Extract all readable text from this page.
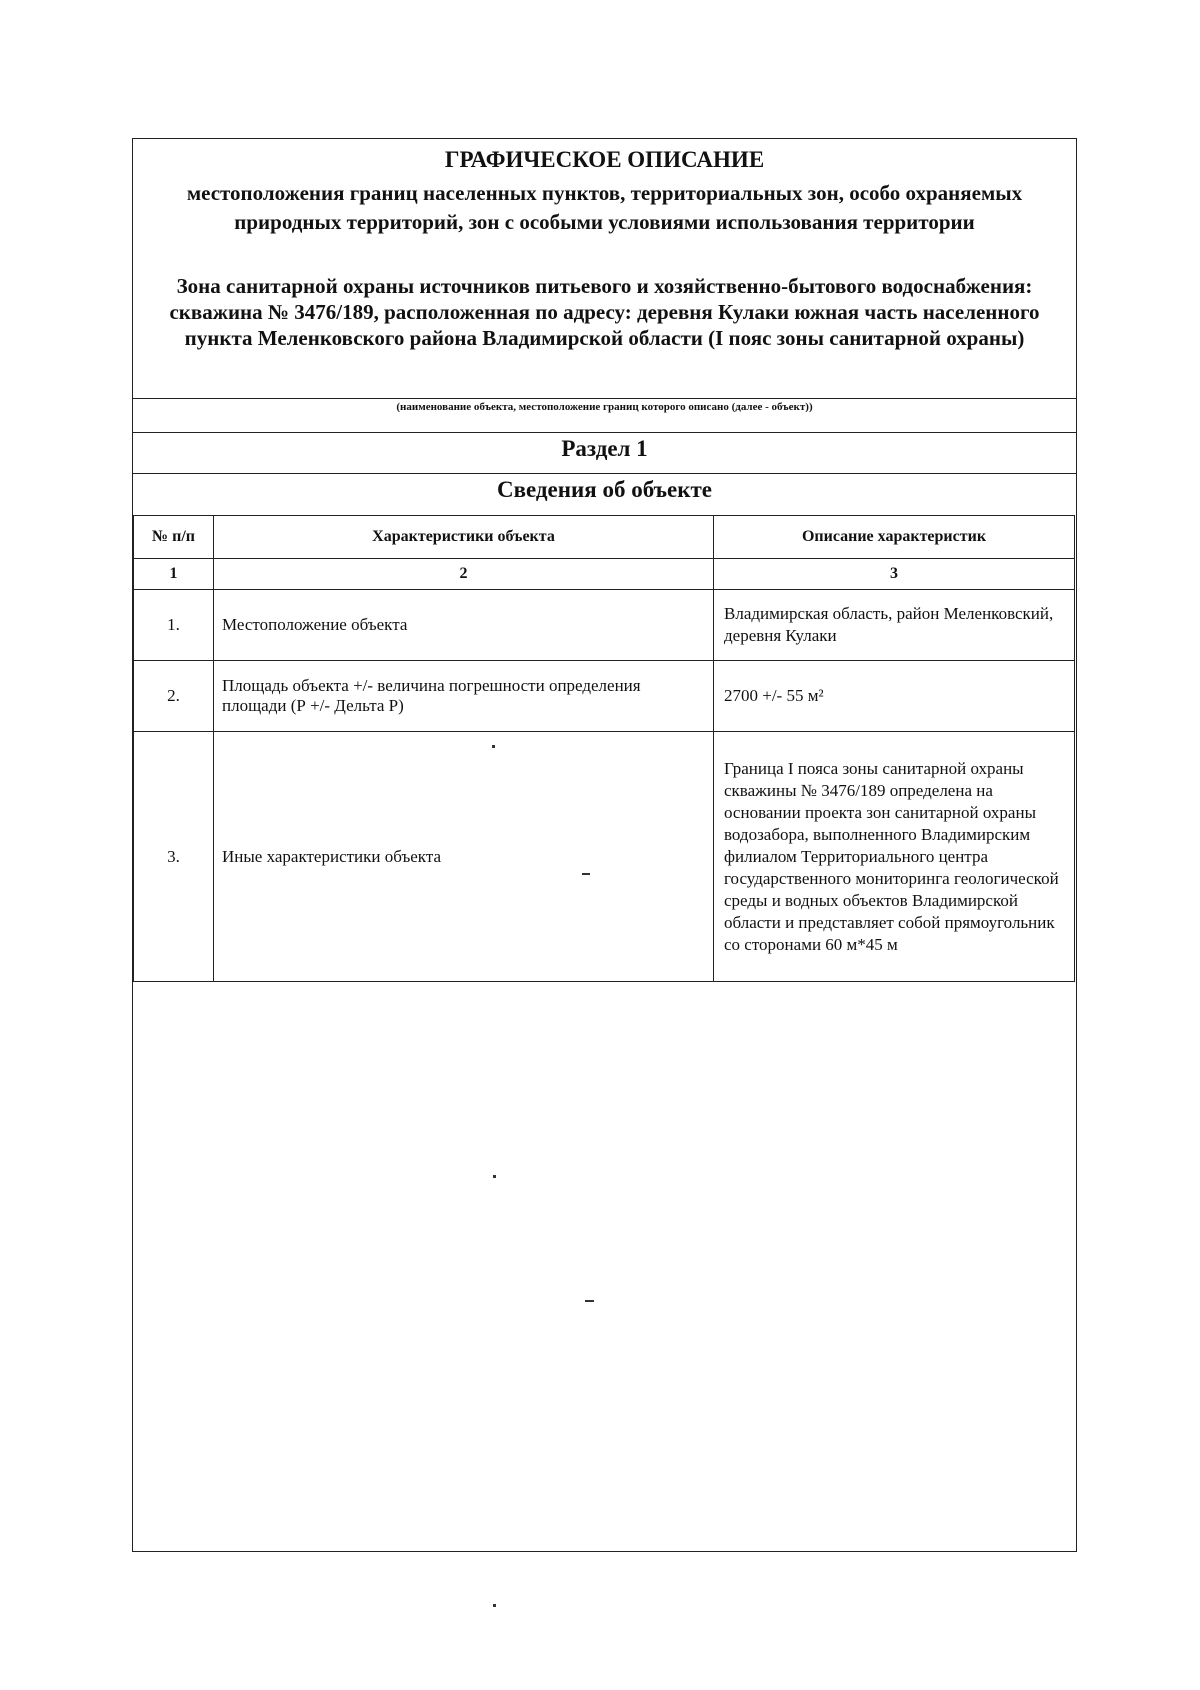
ГРАФИЧЕСКОЕ ОПИСАНИЕ
местоположения границ населенных пунктов, территориальных зон, особо охраняемых природных территорий, зон с особыми условиями использования территории
Зона санитарной охраны источников питьевого и хозяйственно-бытового водоснабжения: скважина № 3476/189, расположенная по адресу: деревня Кулаки южная часть населенного пункта Меленковского района Владимирской области (I пояс зоны санитарной охраны)
(наименование объекта, местоположение границ которого описано (далее - объект))
Раздел 1
Сведения об объекте
№ п/п	Характеристики объекта	Описание характеристик
1	2	3
1.	Местоположение объекта	Владимирская область, район Меленковский, деревня Кулаки
2.	Площадь объекта +/- величина погрешности определения площади (Р +/- Дельта Р)	2700 +/- 55 м²
3.	Иные характеристики объекта	Граница I пояса зоны санитарной охраны скважины № 3476/189 определена на основании проекта зон санитарной охраны водозабора, выполненного Владимирским филиалом Территориального центра государственного мониторинга геологической среды и водных объектов Владимирской области и представляет собой прямоугольник со сторонами 60 м*45 м
